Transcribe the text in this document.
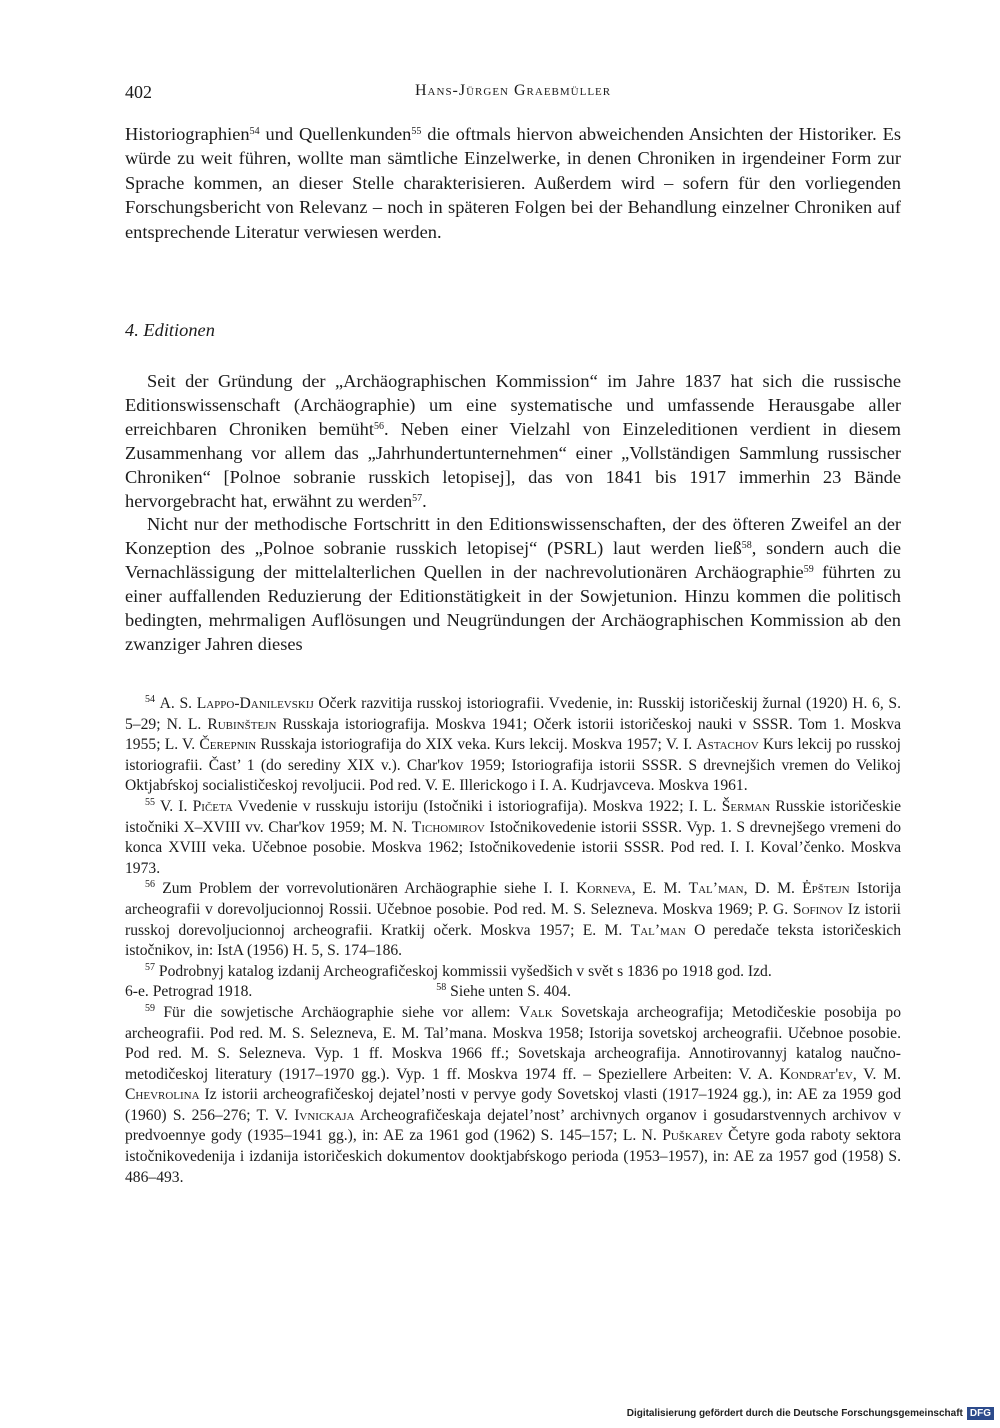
402	Hans-Jürgen Graebmüller

Historiographien$^{54}$ und Quellenkunden$^{55}$ die oftmals hiervon abweichenden Ansichten der Historiker. Es würde zu weit führen, wollte man sämtliche Einzelwerke, in denen Chroniken in irgendeiner Form zur Sprache kommen, an dieser Stelle charakterisieren. Außerdem wird – sofern für den vorliegenden Forschungsbericht von Relevanz – noch in späteren Folgen bei der Behandlung einzelner Chroniken auf entsprechende Literatur verwiesen werden.

4. Editionen

Seit der Gründung der „Archäographischen Kommission“ im Jahre 1837 hat sich die russische Editionswissenschaft (Archäographie) um eine systematische und umfassende Herausgabe aller erreichbaren Chroniken bemüht$^{56}$. Neben einer Vielzahl von Einzeleditionen verdient in diesem Zusammenhang vor allem das „Jahrhundertunternehmen“ einer „Vollständigen Sammlung russischer Chroniken“ [Polnoe sobranie russkich letopisej], das von 1841 bis 1917 immerhin 23 Bände hervorgebracht hat, erwähnt zu werden$^{57}$.

Nicht nur der methodische Fortschritt in den Editionswissenschaften, der des öfteren Zweifel an der Konzeption des „Polnoe sobranie russkich letopisej“ (PSRL) laut werden ließ$^{58}$, sondern auch die Vernachlässigung der mittelalterlichen Quellen in der nachrevolutionären Archäographie$^{59}$ führten zu einer auffallenden Reduzierung der Editionstätigkeit in der Sowjetunion. Hinzu kommen die politisch bedingten, mehrmaligen Auflösungen und Neugründungen der Archäographischen Kommission ab den zwanziger Jahren dieses

$^{54}$ A. S. Lappo-Danilevskij Očerk razvitija russkoj istoriografii. Vvedenie, in: Russkij istoričeskij žurnal (1920) H. 6, S. 5–29; N. L. Rubinštejn Russkaja istoriografija. Moskva 1941; Očerk istorii istoričeskoj nauki v SSSR. Tom 1. Moskva 1955; L. V. Čerepnin Russkaja istoriografija do XIX veka. Kurs lekcij. Moskva 1957; V. I. Astachov Kurs lekcij po russkoj istoriografii. Čast’ 1 (do serediny XIX v.). Char'kov 1959; Istoriografija istorii SSSR. S drevnejšich vremen do Velikoj Oktjabŕskoj socialističeskoj revoljucii. Pod red. V. E. Illerickogo i I. A. Kudrjavceva. Moskva 1961.

$^{55}$ V. I. Pičeta Vvedenie v russkuju istoriju (Istočniki i istoriografija). Moskva 1922; I. L. Šerman Russkie istoričeskie istočniki X–XVIII vv. Char'kov 1959; M. N. Tichomirov Istočnikovedenie istorii SSSR. Vyp. 1. S drevnejšego vremeni do konca XVIII veka. Učebnoe posobie. Moskva 1962; Istočnikovedenie istorii SSSR. Pod red. I. I. Koval’čenko. Moskva 1973.

$^{56}$ Zum Problem der vorrevolutionären Archäographie siehe I. I. Korneva, E. M. Tal’man, D. M. Ėpštejn Istorija archeografii v dorevoljucionnoj Rossii. Učebnoe posobie. Pod red. M. S. Selezneva. Moskva 1969; P. G. Sofinov Iz istorii russkoj dorevoljucionnoj archeografii. Kratkij očerk. Moskva 1957; E. M. Tal’man O peredače teksta istoričeskich istočnikov, in: IstA (1956) H. 5, S. 174–186.

$^{57}$ Podrobnyj katalog izdanij Archeografičeskoj kommissii vyšedšich v svět s 1836 po 1918 god. Izd.

6-e. Petrograd 1918.	$^{58}$ Siehe unten S. 404.

$^{59}$ Für die sowjetische Archäographie siehe vor allem: Valk Sovetskaja archeografija; Metodičeskie posobija po archeografii. Pod red. M. S. Selezneva, E. M. Tal’mana. Moskva 1958; Istorija sovetskoj archeografii. Učebnoe posobie. Pod red. M. S. Selezneva. Vyp. 1 ff. Moskva 1966 ff.; Sovetskaja archeografija. Annotirovannyj katalog naučno-metodičeskoj literatury (1917–1970 gg.). Vyp. 1 ff. Moskva 1974 ff. – Speziellere Arbeiten: V. A. Kondrat'ev, V. M. Chevrolina Iz istorii archeografičeskoj dejatel’nosti v pervye gody Sovetskoj vlasti (1917–1924 gg.), in: AE za 1959 god (1960) S. 256–276; T. V. Ivnickaja Archeografičeskaja dejatel’nost’ archivnych organov i gosudarstvennych archivov v predvoennye gody (1935–1941 gg.), in: AE za 1961 god (1962) S. 145–157; L. N. Puškarev Četyre goda raboty sektora istočnikovedenija i izdanija istoričeskich dokumentov dooktjabŕskogo perioda (1953–1957), in: AE za 1957 god (1958) S. 486–493.

Digitalisierung gefördert durch die Deutsche Forschungsgemeinschaft DFG
